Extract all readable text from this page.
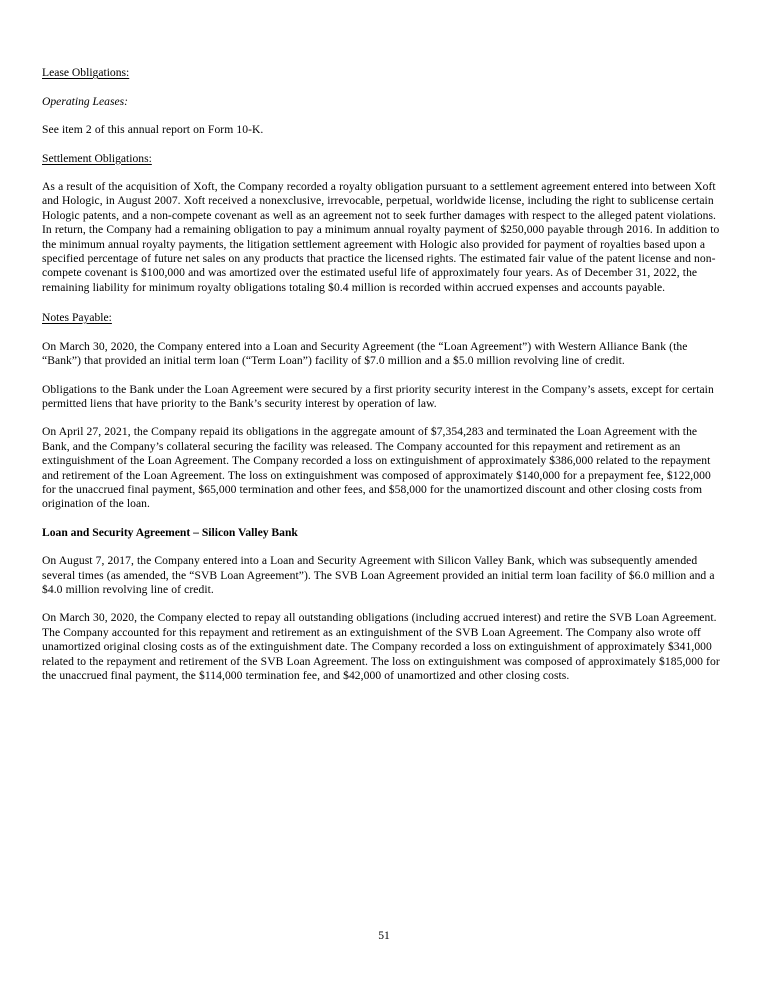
Lease Obligations:

Operating Leases:

See item 2 of this annual report on Form 10-K.

Settlement Obligations:

As a result of the acquisition of Xoft, the Company recorded a royalty obligation pursuant to a settlement agreement entered into between Xoft and Hologic, in August 2007. Xoft received a nonexclusive, irrevocable, perpetual, worldwide license, including the right to sublicense certain Hologic patents, and a non-compete covenant as well as an agreement not to seek further damages with respect to the alleged patent violations. In return, the Company had a remaining obligation to pay a minimum annual royalty payment of $250,000 payable through 2016. In addition to the minimum annual royalty payments, the litigation settlement agreement with Hologic also provided for payment of royalties based upon a specified percentage of future net sales on any products that practice the licensed rights. The estimated fair value of the patent license and non-compete covenant is $100,000 and was amortized over the estimated useful life of approximately four years. As of December 31, 2022, the remaining liability for minimum royalty obligations totaling $0.4 million is recorded within accrued expenses and accounts payable.

Notes Payable:

On March 30, 2020, the Company entered into a Loan and Security Agreement (the “Loan Agreement”) with Western Alliance Bank (the “Bank”) that provided an initial term loan (“Term Loan”) facility of $7.0 million and a $5.0 million revolving line of credit.

Obligations to the Bank under the Loan Agreement were secured by a first priority security interest in the Company’s assets, except for certain permitted liens that have priority to the Bank’s security interest by operation of law.

On April 27, 2021, the Company repaid its obligations in the aggregate amount of $7,354,283 and terminated the Loan Agreement with the Bank, and the Company’s collateral securing the facility was released. The Company accounted for this repayment and retirement as an extinguishment of the Loan Agreement. The Company recorded a loss on extinguishment of approximately $386,000 related to the repayment and retirement of the Loan Agreement. The loss on extinguishment was composed of approximately $140,000 for a prepayment fee, $122,000 for the unaccrued final payment, $65,000 termination and other fees, and $58,000 for the unamortized discount and other closing costs from origination of the loan.

Loan and Security Agreement – Silicon Valley Bank

On August 7, 2017, the Company entered into a Loan and Security Agreement with Silicon Valley Bank, which was subsequently amended several times (as amended, the “SVB Loan Agreement”). The SVB Loan Agreement provided an initial term loan facility of $6.0 million and a $4.0 million revolving line of credit.

On March 30, 2020, the Company elected to repay all outstanding obligations (including accrued interest) and retire the SVB Loan Agreement. The Company accounted for this repayment and retirement as an extinguishment of the SVB Loan Agreement. The Company also wrote off unamortized original closing costs as of the extinguishment date. The Company recorded a loss on extinguishment of approximately $341,000 related to the repayment and retirement of the SVB Loan Agreement. The loss on extinguishment was composed of approximately $185,000 for the unaccrued final payment, the $114,000 termination fee, and $42,000 of unamortized and other closing costs.

51
